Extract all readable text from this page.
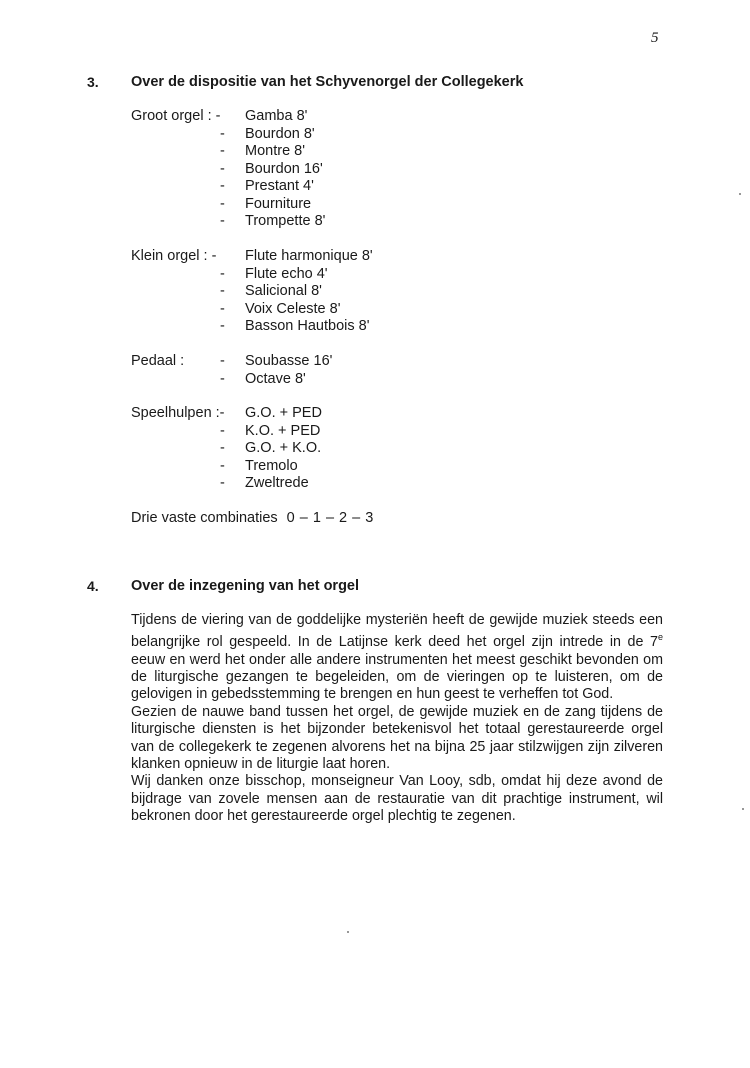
5
3. Over de dispositie van het Schyvenorgel der Collegekerk
Groot orgel : -	Gamba 8'
- Bourdon 8'
- Montre 8'
- Bourdon 16'
- Prestant 4'
- Fourniture
- Trompette 8'
Klein orgel : -	Flute harmonique 8'
- Flute echo 4'
- Salicional 8'
- Voix Celeste 8'
- Basson Hautbois 8'
Pedaal : - Soubasse 16'
- Octave 8'
Speelhulpen :-	G.O. + PED
- K.O. + PED
- G.O. + K.O.
- Tremolo
- Zweltrede
Drie vaste combinaties 0 – 1 – 2 – 3
4. Over de inzegening van het orgel

Tijdens de viering van de goddelijke mysteriën heeft de gewijde muziek steeds een belangrijke rol gespeeld. In de Latijnse kerk deed het orgel zijn intrede in de 7e eeuw en werd het onder alle andere instrumenten het meest geschikt bevonden om de liturgische gezangen te begeleiden, om de vieringen op te luisteren, om de gelovigen in gebedsstemming te brengen en hun geest te verheffen tot God.

Gezien de nauwe band tussen het orgel, de gewijde muziek en de zang tijdens de liturgische diensten is het bijzonder betekenisvol het totaal gerestaureerde orgel van de collegekerk te zegenen alvorens het na bijna 25 jaar stilzwijgen zijn zilveren klanken opnieuw in de liturgie laat horen.

Wij danken onze bisschop, monseigneur Van Looy, sdb, omdat hij deze avond de bijdrage van zovele mensen aan de restauratie van dit prachtige instrument, wil bekronen door het gerestaureerde orgel plechtig te zegenen.
